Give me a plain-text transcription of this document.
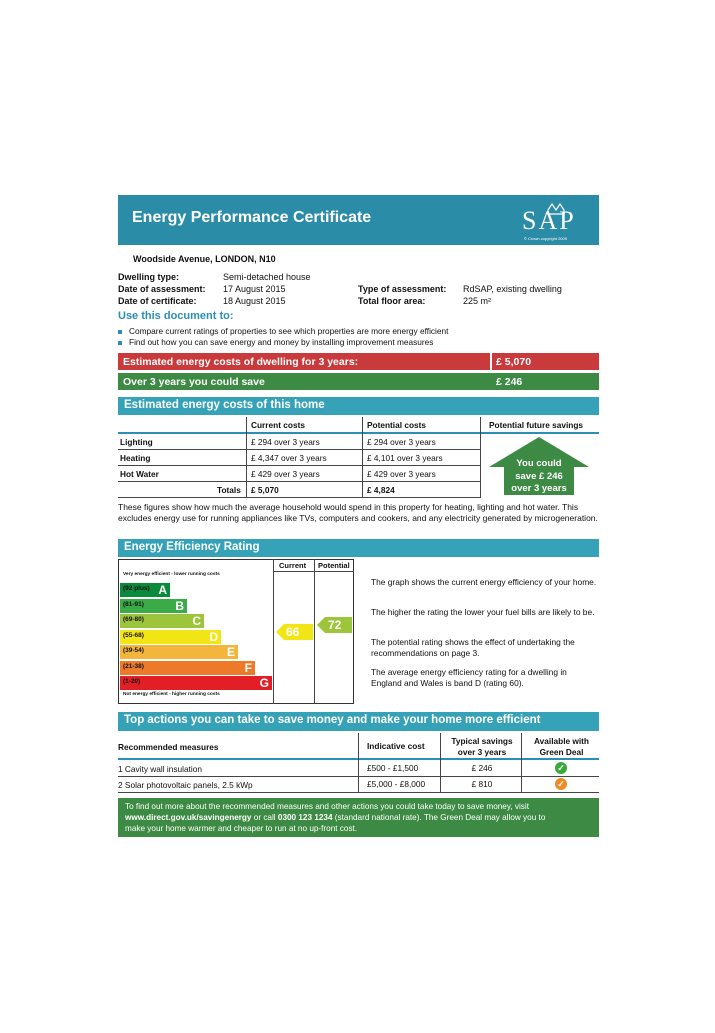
Energy Performance Certificate	SAP
© Crown copyright 2009
Woodside Avenue, LONDON, N10
Dwelling type:	Semi-detached house
Date of assessment: 17 August 2015
Date of certificate:	18 August 2015
Type of assessment: RdSAP, existing dwelling
Total floor area:	225 m²
Use this document to:
Compare current ratings of properties to see which properties are more energy efficient
Find out how you can save energy and money by installing improvement measures
Estimated energy costs of dwelling for 3 years:	£ 5,070
Over 3 years you could save	£ 246
Estimated energy costs of this home
Current costs	Potential costs	Potential future savings
Lighting	£ 294 over 3 years	£ 294 over 3 years
Heating	£ 4,347 over 3 years	£ 4,101 over 3 years
Hot Water	£ 429 over 3 years	£ 429 over 3 years
Totals £ 5,070	£ 4,824
You could
save £ 246
over 3 years
These figures show how much the average household would spend in this property for heating, lighting and hot water. This excludes energy use for running appliances like TVs, computers and cookers, and any electricity generated by microgeneration.
Energy Efficiency Rating
Current Potential
Very energy efficient - lower running costs
Not energy efficient - higher running costs
(92 plus) A
(81-91)	B
(69-80)	C
(55-68)	D
(39-54)	E
(21-38)	F
(1-20)	G
66 72
The graph shows the current energy efficiency of your home.
The higher the rating the lower your fuel bills are likely to be.
The potential rating shows the effect of undertaking the recommendations on page 3.
The average energy efficiency rating for a dwelling in England and Wales is band D (rating 60).
Top actions you can take to save money and make your home more efficient
Recommended measures	Indicative cost	Typical savings
over 3 years
Available with
Green Deal
1 Cavity wall insulation	£500 - £1,500	£ 246	✓
2 Solar photovoltaic panels, 2.5 kWp	£5,000 - £8,000	£ 810	✓
To find out more about the recommended measures and other actions you could take today to save money, visit
www.direct.gov.uk/savingenergy or call 0300 123 1234 (standard national rate). The Green Deal may allow you to
make your home warmer and cheaper to run at no up-front cost.
